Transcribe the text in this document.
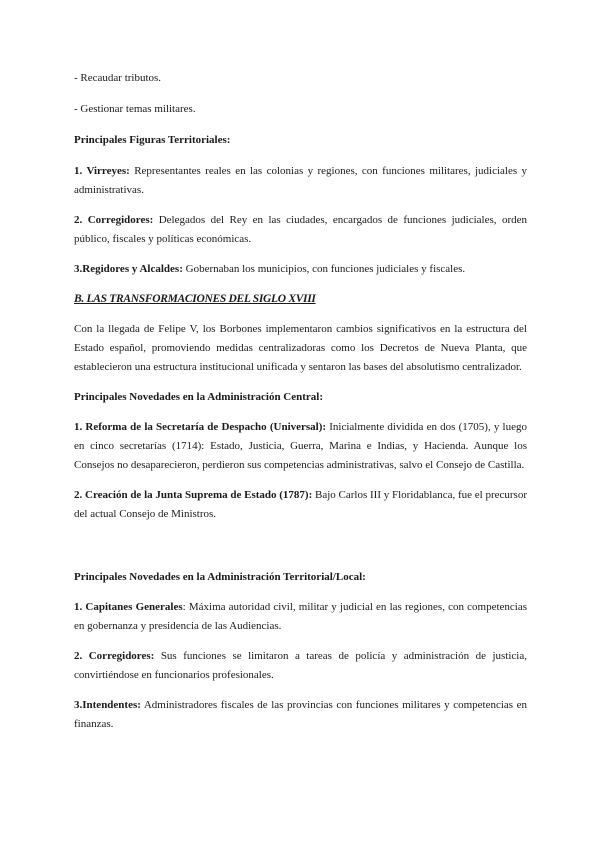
- Recaudar tributos.

- Gestionar temas militares.

Principales Figuras Territoriales:

1. Virreyes: Representantes reales en las colonias y regiones, con funciones militares, judiciales y administrativas.

2. Corregidores: Delegados del Rey en las ciudades, encargados de funciones judiciales, orden público, fiscales y políticas económicas.

3.Regidores y Alcaldes: Gobernaban los municipios, con funciones judiciales y fiscales.

B. LAS TRANSFORMACIONES DEL SIGLO XVIII

Con la llegada de Felipe V, los Borbones implementaron cambios significativos en la estructura del Estado español, promoviendo medidas centralizadoras como los Decretos de Nueva Planta, que establecieron una estructura institucional unificada y sentaron las bases del absolutismo centralizador.

Principales Novedades en la Administración Central:

1. Reforma de la Secretaría de Despacho (Universal): Inicialmente dividida en dos (1705), y luego en cinco secretarías (1714): Estado, Justicia, Guerra, Marina e Indias, y Hacienda. Aunque los Consejos no desaparecieron, perdieron sus competencias administrativas, salvo el Consejo de Castilla.

2. Creación de la Junta Suprema de Estado (1787): Bajo Carlos III y Floridablanca, fue el precursor del actual Consejo de Ministros.

Principales Novedades en la Administración Territorial/Local:

1. Capitanes Generales: Máxima autoridad civil, militar y judicial en las regiones, con competencias en gobernanza y presidencia de las Audiencias.

2. Corregidores: Sus funciones se limitaron a tareas de policía y administración de justicia, convirtiéndose en funcionarios profesionales.

3.Intendentes: Administradores fiscales de las provincias con funciones militares y competencias en finanzas.
